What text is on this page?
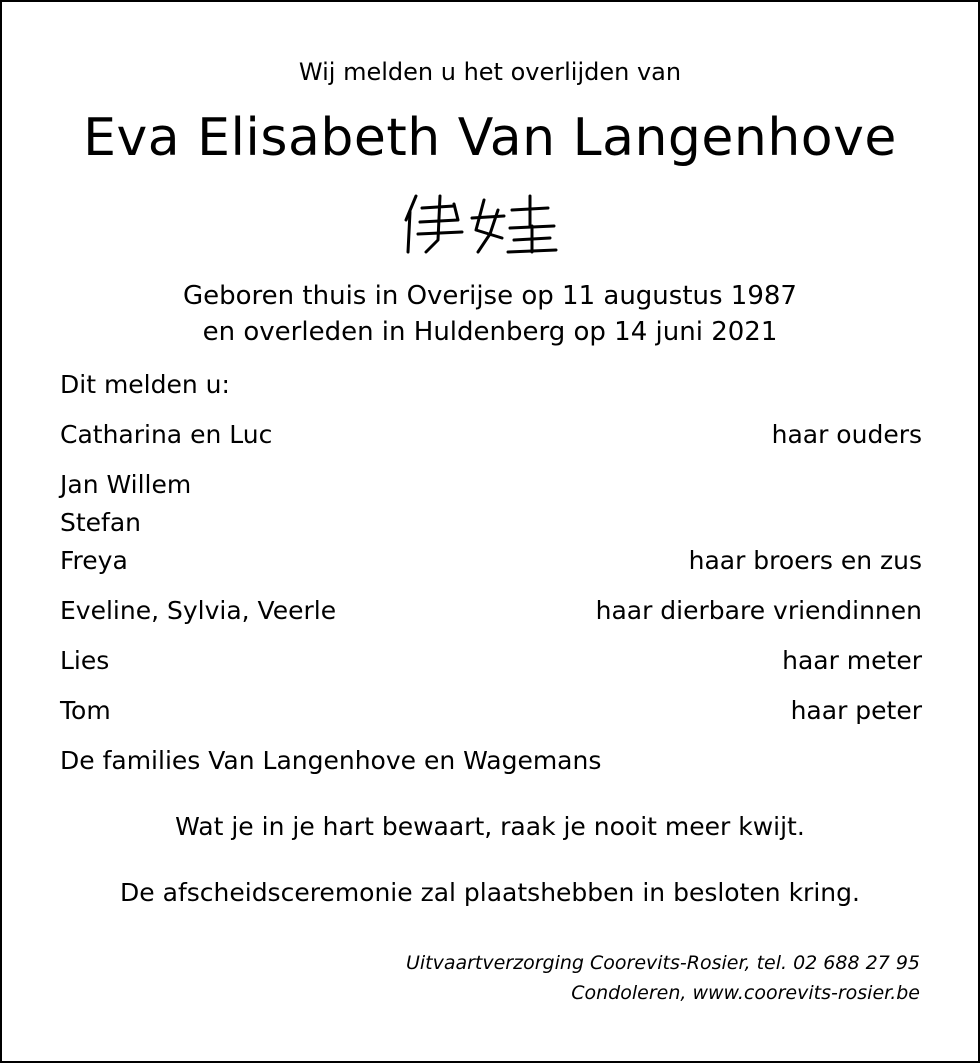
Wij melden u het overlijden van
Eva Elisabeth Van Langenhove
Geboren thuis in Overijse op 11 augustus 1987
en overleden in Huldenberg op 14 juni 2021
Dit melden u:
Catharina en Luc	haar ouders
Jan Willem
Stefan
Freya	haar broers en zus
Eveline, Sylvia, Veerle	haar dierbare vriendinnen
Lies	haar meter
Tom	haar peter
De families Van Langenhove en Wagemans
Wat je in je hart bewaart, raak je nooit meer kwijt.
De afscheidsceremonie zal plaatshebben in besloten kring.
Uitvaartverzorging Coorevits-Rosier, tel. 02 688 27 95
Condoleren, www.coorevits-rosier.be
